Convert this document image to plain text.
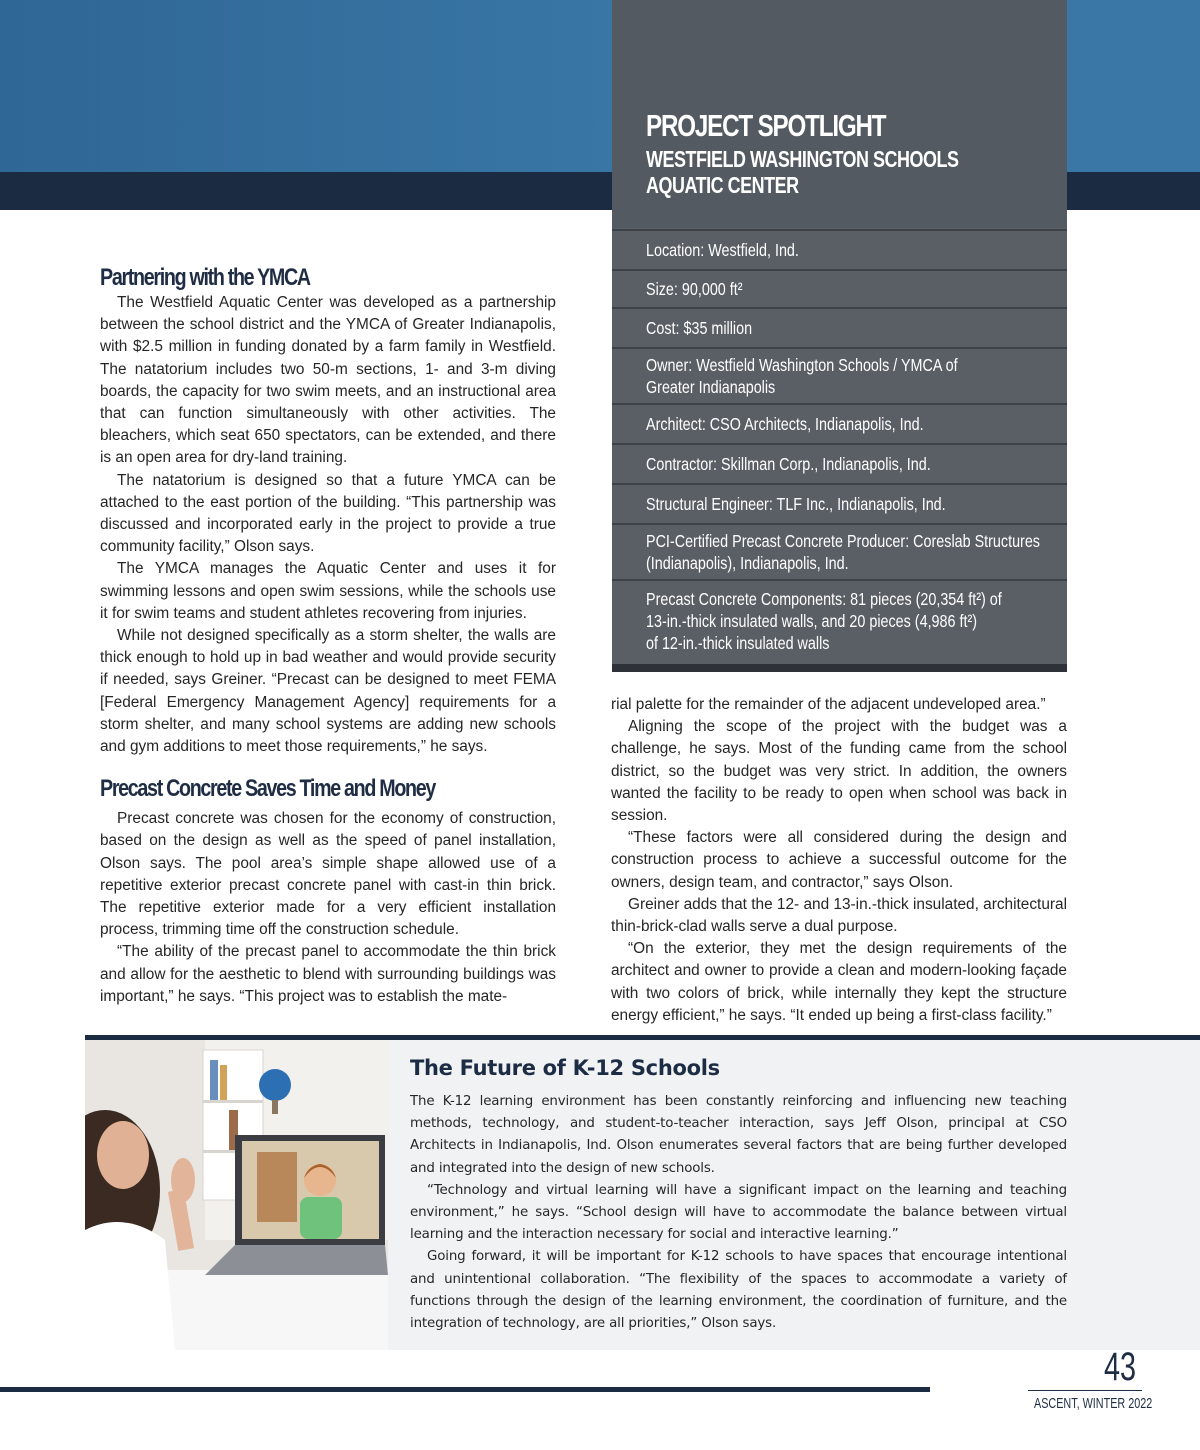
PROJECT SPOTLIGHT
WESTFIELD WASHINGTON SCHOOLS
AQUATIC CENTER
Location: Westfield, Ind.
Size: 90,000 ft²
Cost: $35 million
Owner: Westfield Washington Schools / YMCA of
Greater Indianapolis
Architect: CSO Architects, Indianapolis, Ind.
Contractor: Skillman Corp., Indianapolis, Ind.
Structural Engineer: TLF Inc., Indianapolis, Ind.
PCI-Certified Precast Concrete Producer: Coreslab Structures
(Indianapolis), Indianapolis, Ind.
Precast Concrete Components: 81 pieces (20,354 ft²) of
13-in.-thick insulated walls, and 20 pieces (4,986 ft²)
of 12-in.-thick insulated walls
Partnering with the YMCA

The Westfield Aquatic Center was developed as a partnership between the school district and the YMCA of Greater Indianapolis, with $2.5 million in funding donated by a farm family in Westfield. The natatorium includes two 50-m sections, 1- and 3-m diving boards, the capacity for two swim meets, and an instructional area that can function simultaneously with other activities. The bleachers, which seat 650 spectators, can be extended, and there is an open area for dry-land training.

The natatorium is designed so that a future YMCA can be attached to the east portion of the building. “This partnership was discussed and incorporated early in the project to provide a true community facility,” Olson says.

The YMCA manages the Aquatic Center and uses it for swimming lessons and open swim sessions, while the schools use it for swim teams and student athletes recovering from injuries.

While not designed specifically as a storm shelter, the walls are thick enough to hold up in bad weather and would provide security if needed, says Greiner. “Precast can be designed to meet FEMA [Federal Emergency Management Agency] requirements for a storm shelter, and many school systems are adding new schools and gym additions to meet those requirements,” he says.

Precast Concrete Saves Time and Money

Precast concrete was chosen for the economy of construction, based on the design as well as the speed of panel installation, Olson says. The pool area’s simple shape allowed use of a repetitive exterior precast concrete panel with cast-in thin brick. The repetitive exterior made for a very efficient installation process, trimming time off the construction schedule.

“The ability of the precast panel to accommodate the thin brick and allow for the aesthetic to blend with surrounding buildings was important,” he says. “This project was to establish the mate-

rial palette for the remainder of the adjacent undeveloped area.”

Aligning the scope of the project with the budget was a challenge, he says. Most of the funding came from the school district, so the budget was very strict. In addition, the owners wanted the facility to be ready to open when school was back in session.

“These factors were all considered during the design and construction process to achieve a successful outcome for the owners, design team, and contractor,” says Olson.

Greiner adds that the 12- and 13-in.-thick insulated, architectural thin-brick-clad walls serve a dual purpose.

“On the exterior, they met the design requirements of the architect and owner to provide a clean and modern-looking façade with two colors of brick, while internally they kept the structure energy efficient,” he says. “It ended up being a first-class facility.”

The Future of K-12 Schools

The K-12 learning environment has been constantly reinforcing and influencing new teaching methods, technology, and student-to-teacher interaction, says Jeff Olson, principal at CSO Architects in Indianapolis, Ind. Olson enumerates several factors that are being further developed and integrated into the design of new schools.

“Technology and virtual learning will have a significant impact on the learning and teaching environment,” he says. “School design will have to accommodate the balance between virtual learning and the interaction necessary for social and interactive learning.”

Going forward, it will be important for K-12 schools to have spaces that encourage intentional and unintentional collaboration. “The flexibility of the spaces to accommodate a variety of functions through the design of the learning environment, the coordination of furniture, and the integration of technology, are all priorities,” Olson says.

43
ASCENT, WINTER 2022
